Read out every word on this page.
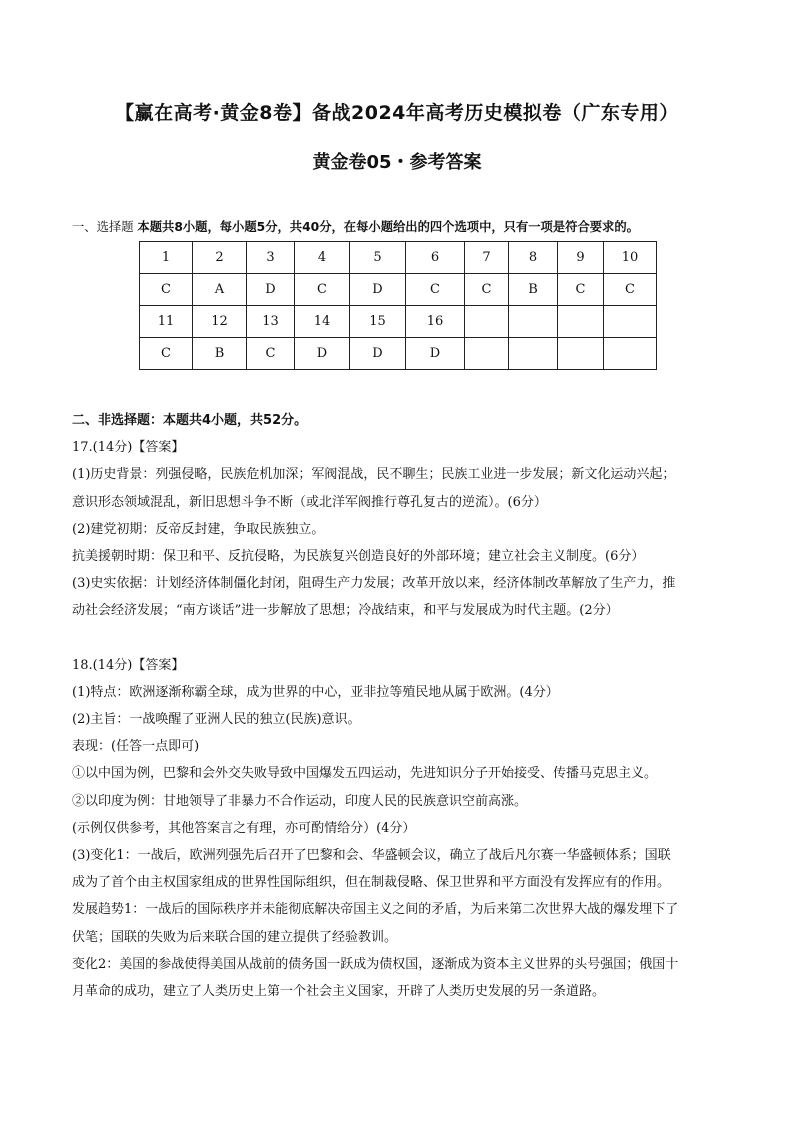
【赢在高考·黄金8卷】备战2024年高考历史模拟卷（广东专用）
黄金卷05・参考答案
一、选择题 本题共8小题，每小题5分，共40分，在每小题给出的四个选项中，只有一项是符合要求的。
1	2	3	4	5	6	7	8	9	10
C	A	D	C	D	C	C	B	C	C
11	12	13	14	15	16				
C	B	C	D	D	D				

二、非选择题：本题共4小题，共52分。

17.(14分)【答案】

(1)历史背景：列强侵略，民族危机加深；军阀混战，民不聊生；民族工业进一步发展；新文化运动兴起；

意识形态领域混乱，新旧思想斗争不断（或北洋军阀推行尊孔复古的逆流）。(6分）

(2)建党初期：反帝反封建，争取民族独立。

抗美援朝时期：保卫和平、反抗侵略，为民族复兴创造良好的外部环境；建立社会主义制度。(6分）

(3)史实依据：计划经济体制僵化封闭，阻碍生产力发展；改革开放以来，经济体制改革解放了生产力，推

动社会经济发展；“南方谈话”进一步解放了思想；冷战结束，和平与发展成为时代主题。(2分）

18.(14分)【答案】

(1)特点：欧洲逐渐称霸全球，成为世界的中心，亚非拉等殖民地从属于欧洲。(4分）

(2)主旨：一战唤醒了亚洲人民的独立(民族)意识。

表现：(任答一点即可)

①以中国为例，巴黎和会外交失败导致中国爆发五四运动，先进知识分子开始接受、传播马克思主义。

②以印度为例：甘地领导了非暴力不合作运动，印度人民的民族意识空前高涨。

(示例仅供参考，其他答案言之有理，亦可酌情给分）(4分）

(3)变化1：一战后，欧洲列强先后召开了巴黎和会、华盛顿会议，确立了战后凡尔赛一华盛顿体系；国联

成为了首个由主权国家组成的世界性国际组织，但在制裁侵略、保卫世界和平方面没有发挥应有的作用。

发展趋势1：一战后的国际秩序并未能彻底解决帝国主义之间的矛盾，为后来第二次世界大战的爆发埋下了

伏笔；国联的失败为后来联合国的建立提供了经验教训。

变化2：美国的参战使得美国从战前的债务国一跃成为债权国，逐渐成为资本主义世界的头号强国；俄国十

月革命的成功，建立了人类历史上第一个社会主义国家，开辟了人类历史发展的另一条道路。
